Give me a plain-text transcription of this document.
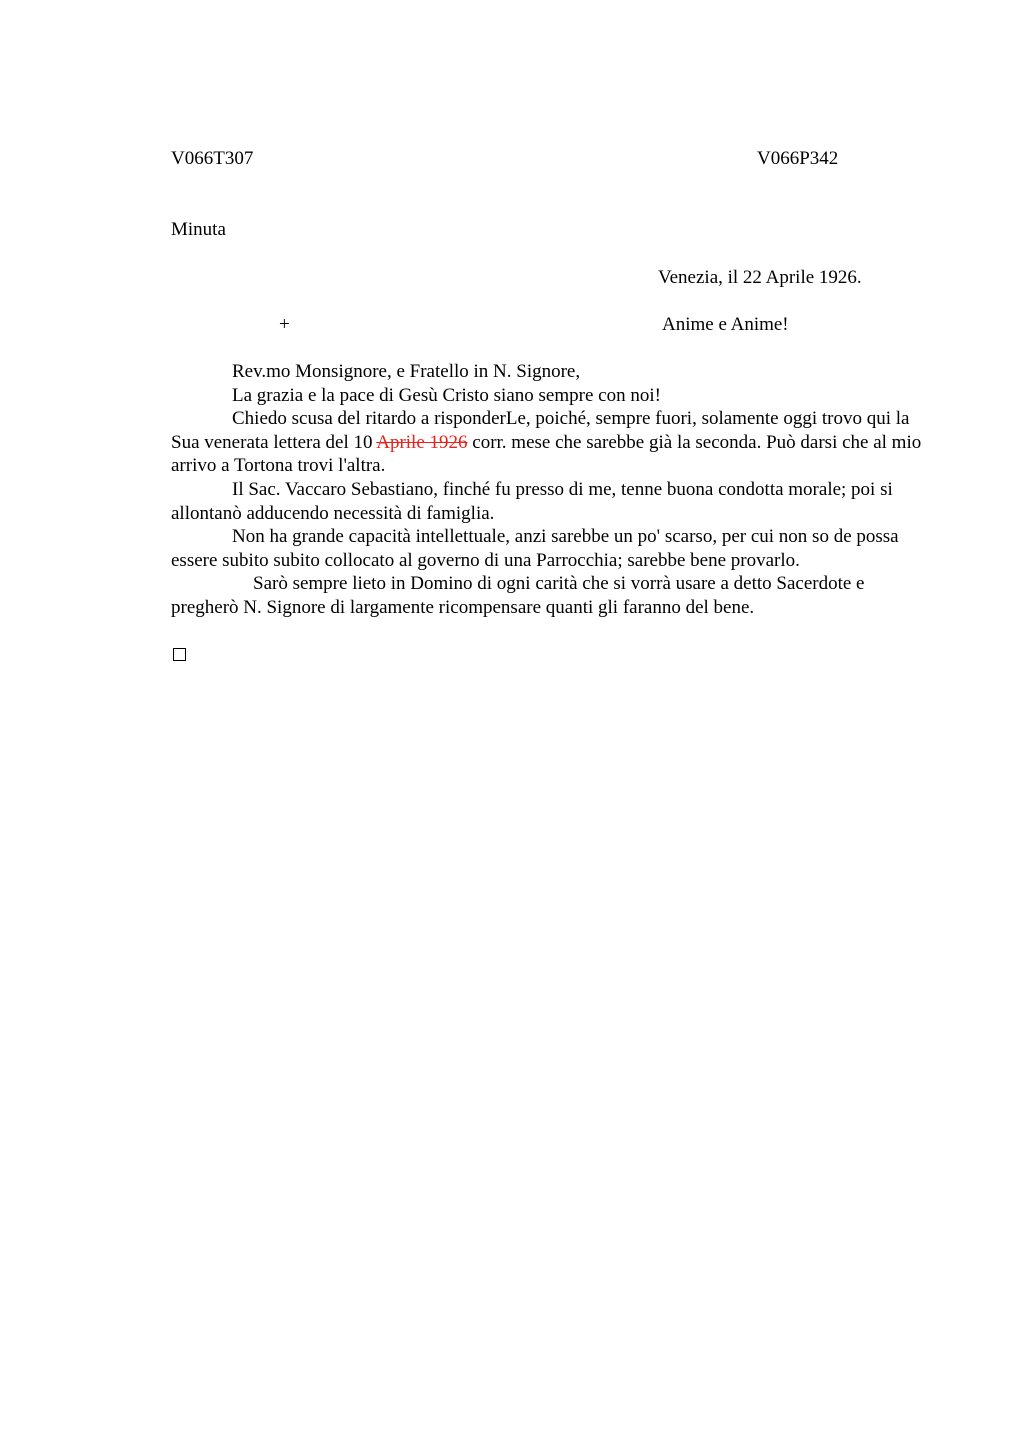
V066T307	V066P342
Minuta
Venezia, il 22 Aprile 1926.
+	Anime e Anime!

Rev.mo Monsignore, e Fratello in N. Signore,

La grazia e la pace di Gesù Cristo siano sempre con noi!

Chiedo scusa del ritardo a risponderLe, poiché, sempre fuori, solamente oggi trovo qui la Sua venerata lettera del 10 Aprile 1926 corr. mese che sarebbe già la seconda. Può darsi che al mio arrivo a Tortona trovi l'altra.

Il Sac. Vaccaro Sebastiano, finché fu presso di me, tenne buona condotta morale; poi si allontanò adducendo necessità di famiglia.

Non ha grande capacità intellettuale, anzi sarebbe un po' scarso, per cui non so de possa essere subito subito collocato al governo di una Parrocchia; sarebbe bene provarlo.

Sarò sempre lieto in Domino di ogni carità che si vorrà usare a detto Sacerdote e pregherò N. Signore di largamente ricompensare quanti gli faranno del bene.
